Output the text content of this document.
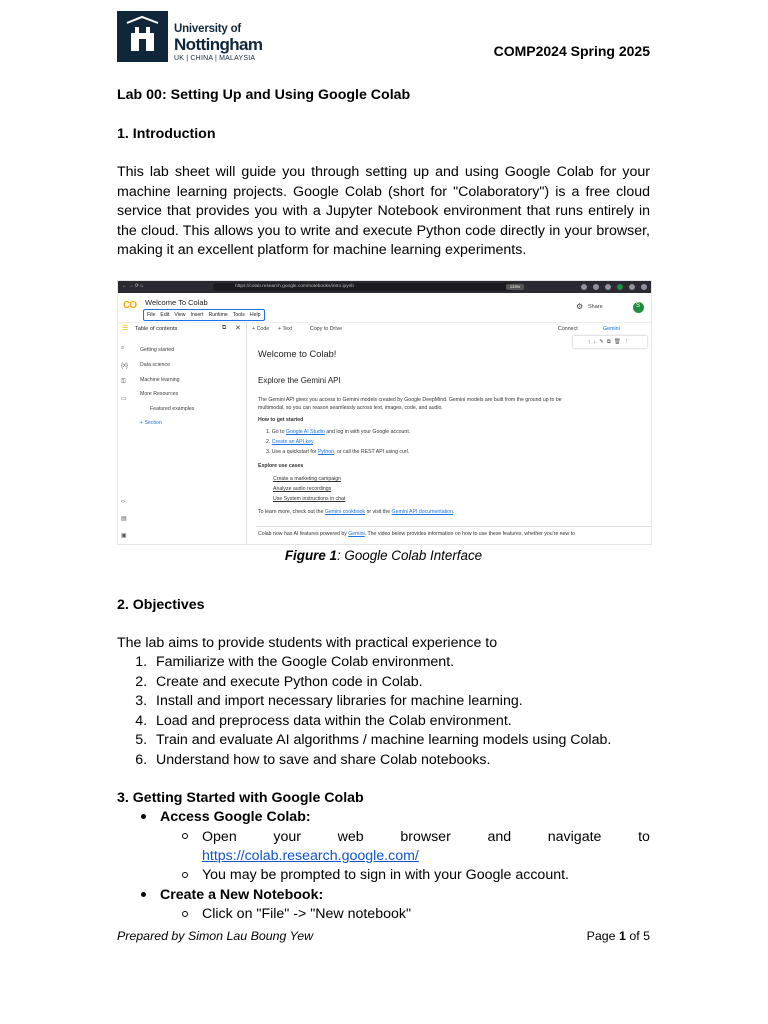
University of
Nottingham
UK | CHINA | MALAYSIA	COMP2024 Spring 2025
Lab 00: Setting Up and Using Google Colab
1. Introduction
This lab sheet will guide you through setting up and using Google Colab for your machine learning projects. Google Colab (short for "Colaboratory") is a free cloud service that provides you with a Jupyter Notebook environment that runs entirely in the cloud. This allows you to write and execute Python code directly in your browser, making it an excellent platform for machine learning experiments.
← → ⟳ ⌂	https://colab.research.google.com/notebooks/intro.ipynb	133%
CO Welcome To Colab
File Edit View Insert Runtime Tools Help
⚙ Share	S
☰ Table of contents	⧉ ✕ + Code + Text	Copy to Drive	Connect	Gemini
↑↓✎⧉🗑⋮
⌕
{x}
⚿
▭
‹›
▤
▣
Getting started
Data science
Machine learning
More Resources
Featured examples
+ Section
Welcome to Colab!
Explore the Gemini API
The Gemini API gives you access to Gemini models created by Google DeepMind. Gemini models are built from the ground up to be
multimodal, so you can reason seamlessly across text, images, code, and audio.
How to get started
1. Go to Google AI Studio and log in with your Google account.
2. Create an API key.
3. Use a quickstart for Python, or call the REST API using curl.
Explore use cases
Create a marketing campaign
Analyze audio recordings
Use System instructions in chat
To learn more, check out the Gemini cookbook or visit the Gemini API documentation.
Colab now has AI features powered by Gemini. The video below provides information on how to use these features, whether you're new to
Figure 1: Google Colab Interface
2. Objectives
The lab aims to provide students with practical experience to
1. Familiarize with the Google Colab environment.
2. Create and execute Python code in Colab.
3. Install and import necessary libraries for machine learning.
4. Load and preprocess data within the Colab environment.
5. Train and evaluate AI algorithms / machine learning models using Colab.
6. Understand how to save and share Colab notebooks.
3. Getting Started with Google Colab
Access Google Colab:
Open	your	web	browser	and	navigate	to
https://colab.research.google.com/
You may be prompted to sign in with your Google account.
Create a New Notebook:
Click on "File" -> "New notebook"
Prepared by Simon Lau Boung Yew	Page 1 of 5
